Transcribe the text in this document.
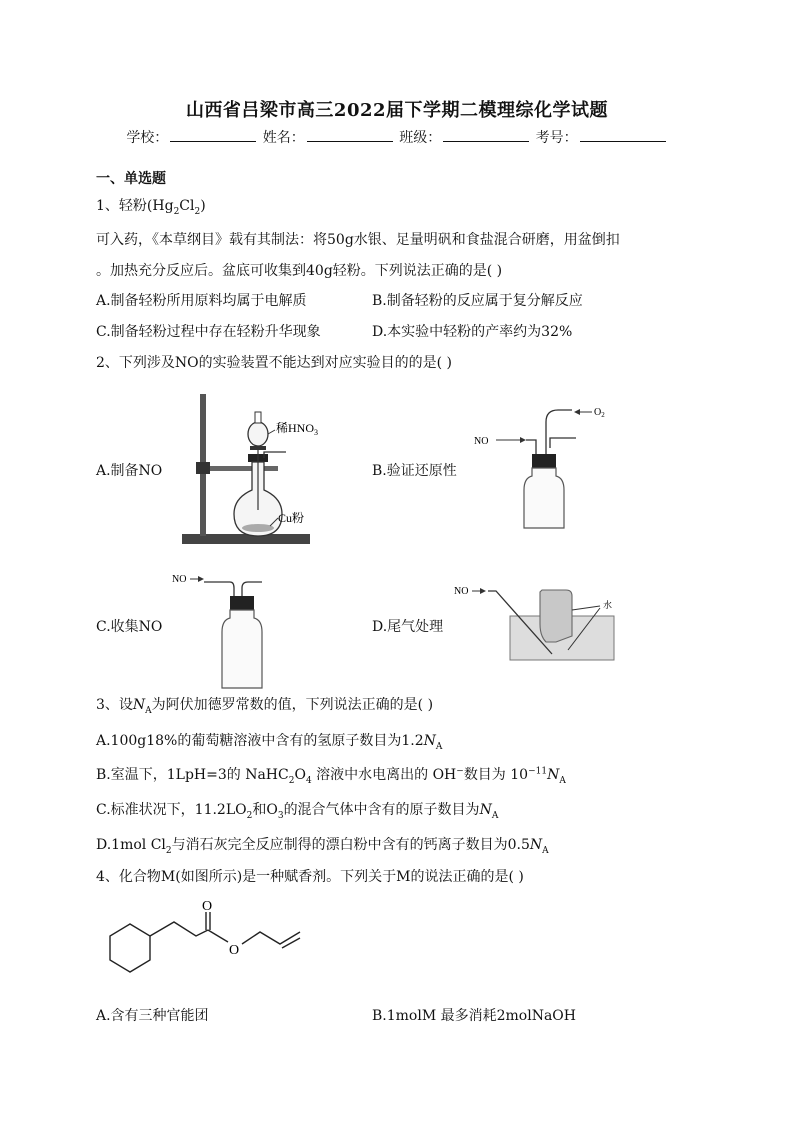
山西省吕梁市高三2022届下学期二模理综化学试题
学校：	姓名：	班级：	考号：
一、单选题
1、轻粉$(Hg_2Cl_2)$
可入药，《本草纲目》载有其制法：将50g水银、足量明矾和食盐混合研磨，用盆倒扣
。加热充分反应后。盆底可收集到40g轻粉。下列说法正确的是( )
A.制备轻粉所用原料均属于电解质	B.制备轻粉的反应属于复分解反应
C.制备轻粉过程中存在轻粉升华现象	D.本实验中轻粉的产率约为32%
2、下列涉及NO的实验装置不能达到对应实验目的的是( )
A.制备NO	B.验证还原性
C.收集NO	D.尾气处理
稀$HNO_3$
Cu粉
NO
$O_2$
NO
NO
水
3、设$N_A$为阿伏加德罗常数的值，下列说法正确的是( )
A.100g18%的葡萄糖溶液中含有的氢原子数目为$1.2N_A$
B.室温下，1LpH=3的 $NaHC_2O_4$ 溶液中水电离出的 OH−数目为 $10^{-11}N_A$
C.标准状况下，$11.2LO_2$和$O_3$的混合气体中含有的原子数目为$N_A$
D.1mol $Cl_2$与消石灰完全反应制得的漂白粉中含有的钙离子数目为$0.5N_A$
4、化合物M(如图所示)是一种赋香剂。下列关于M的说法正确的是( )
O
O
A.含有三种官能团	B.1molM 最多消耗2molNaOH
